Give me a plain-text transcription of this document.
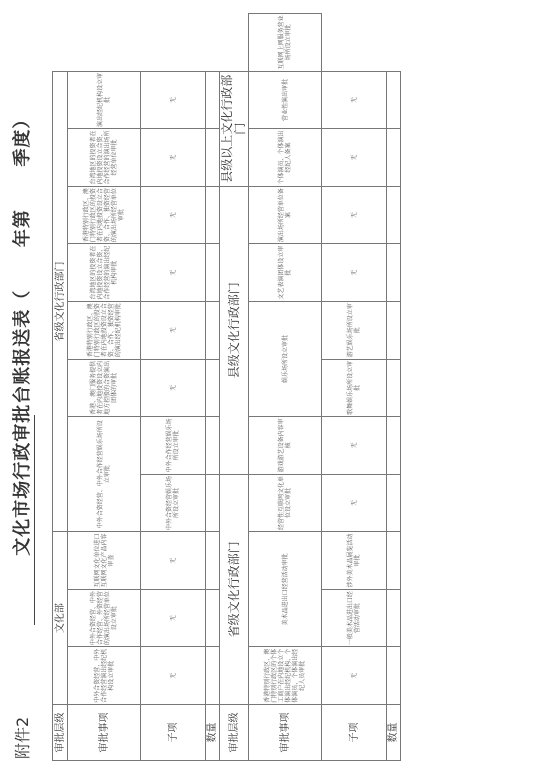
附件2
文化市场行政审批台账报送表（  年第  季度）
审批层级	文化部			省级文化行政部门								
审批事项	中外合资经营、中外合作经营演出经纪机构设立审批	中外合资经营、中外合作经营、外资经营的演出场所经营单位设立审批	互联网文化单位进口互联网文化产品内容审查	中外合资经营、中外合作经营娱乐场所设立审批		香港、澳门服务提供者在内地投资设立内地方控股的合资演出团体的审批	香港特别行政区、澳门特别行政区的投资者在内地投资设立合资、合作、独资经营的演出经纪机构审批	台湾地区的投资者在内地投资设立合资、合作经营的演出经纪机构审批	香港特别行政区、澳门特别行政区的投资者在内地投资设立合资、合作、独资经营的演出场所经营单位审批	台湾地区的投资者在内地投资设立合资、合作经营的演出场所经营单位审批	演出经纪机构设立审批	
子项	无	无	无	中外合资经营娱乐场所设立审批	中外合作经营娱乐场所设立审批	无	无	无	无	无	无	
数量												
审批层级	省级文化行政部门				县级文化行政部门					县级以上文化行政部门		
审批事项	香港特别行政区、澳门特别行政区的个体工商户在内地设立个体演出经纪机构、个体演员、个体演出经纪人员审批	美术品进出口经营活动审批		经营性互联网文化单位设立审批	游戏游艺设备内容审核	娱乐场所设立审批		文艺表演团体设立审批	演出场所经营单位备案	个体演员、个体演出经纪人备案	营业性演出审批	互联网上网服务营业场所设立审批
子项	无	一般美术品进出口经营活动审批	涉外美术品展览活动审批	无	无	歌舞娱乐场所设立审批	游艺娱乐场所设立审批	无	无	无	无	
数量												
